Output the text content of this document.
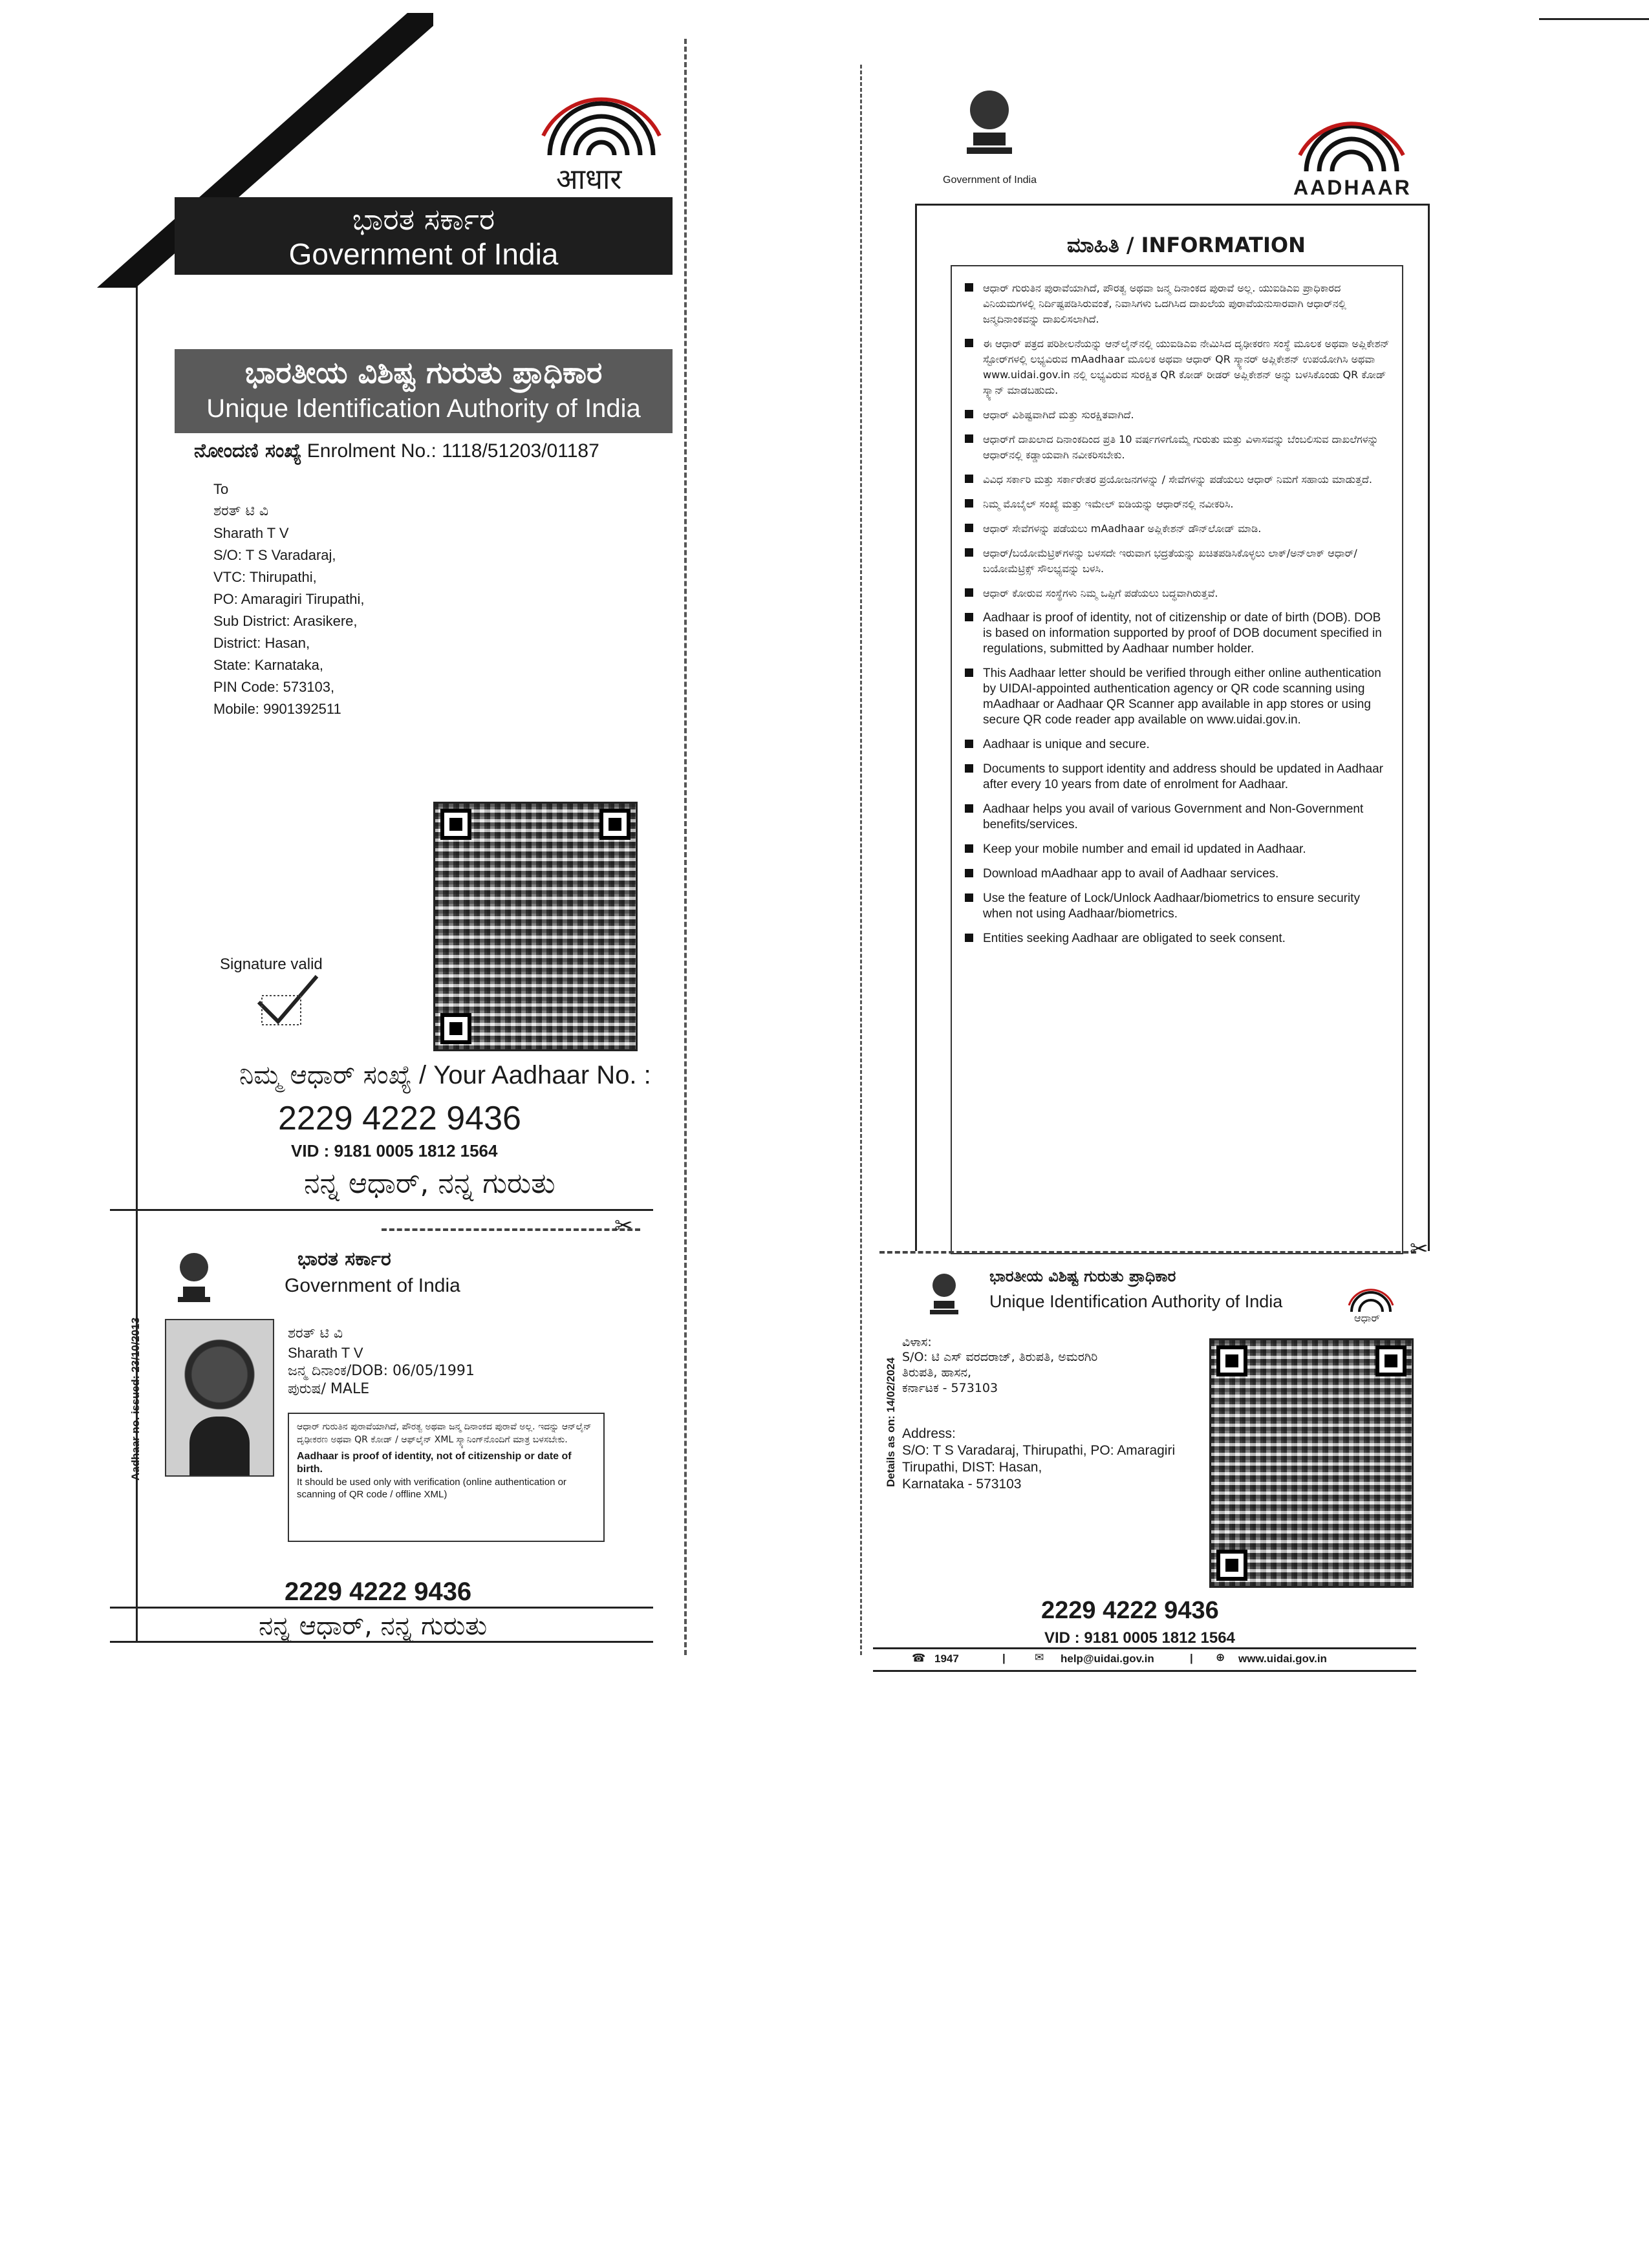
आधार
ಭಾರತ ಸರ್ಕಾರ
Government of India
ಭಾರತೀಯ ವಿಶಿಷ್ಟ ಗುರುತು ಪ್ರಾಧಿಕಾರ
Unique Identification Authority of India
ನೋಂದಣಿ ಸಂಖ್ಯೆ Enrolment No.: 1118/51203/01187
To
ಶರತ್ ಟಿ ವಿ
Sharath T V
S/O: T S Varadaraj,
VTC: Thirupathi,
PO: Amaragiri Tirupathi,
Sub District: Arasikere,
District: Hasan,
State: Karnataka,
PIN Code: 573103,
Mobile: 9901392511
Signature valid
ನಿಮ್ಮ ಆಧಾರ್ ಸಂಖ್ಯೆ / Your Aadhaar No. :
2229 4222 9436
VID : 9181 0005 1812 1564
ನನ್ನ ಆಧಾರ್, ನನ್ನ ಗುರುತು
✂
ಭಾರತ ಸರ್ಕಾರ
Government of India
Aadhaar no. issued: 23/10/2013	ಶರತ್ ಟಿ ವಿ
Sharath T V
ಜನ್ಮ ದಿನಾಂಕ/DOB: 06/05/1991
ಪುರುಷ/ MALE
ಆಧಾರ್ ಗುರುತಿನ ಪುರಾವೆಯಾಗಿದೆ, ಪೌರತ್ವ ಅಥವಾ ಜನ್ಮ ದಿನಾಂಕದ ಪುರಾವೆ ಅಲ್ಲ. ಇದನ್ನು ಆನ್‌ಲೈನ್ ದೃಢೀಕರಣ ಅಥವಾ QR ಕೋಡ್ / ಆಫ್‌ಲೈನ್ XML ಸ್ಕ್ಯಾನಿಂಗ್‌ನೊಂದಿಗೆ ಮಾತ್ರ ಬಳಸಬೇಕು.
Aadhaar is proof of identity, not of citizenship or date of birth.
It should be used only with verification (online authentication or scanning of QR code / offline XML)
2229 4222 9436
ನನ್ನ ಆಧಾರ್, ನನ್ನ ಗುರುತು
Government of India	AADHAAR
ಮಾಹಿತಿ / INFORMATION
ಆಧಾರ್ ಗುರುತಿನ ಪುರಾವೆಯಾಗಿದೆ, ಪೌರತ್ವ ಅಥವಾ ಜನ್ಮ ದಿನಾಂಕದ ಪುರಾವೆ ಅಲ್ಲ. ಯುಐಡಿಎಐ ಪ್ರಾಧಿಕಾರದ ವಿನಿಯಮಗಳಲ್ಲಿ ನಿರ್ದಿಷ್ಟಪಡಿಸಿರುವಂತೆ, ನಿವಾಸಿಗಳು ಒದಗಿಸಿದ ದಾಖಲೆಯ ಪುರಾವೆಯನುಸಾರವಾಗಿ ಆಧಾರ್‌ನಲ್ಲಿ ಜನ್ಮದಿನಾಂಕವನ್ನು ದಾಖಲಿಸಲಾಗಿದೆ.
ಈ ಆಧಾರ್ ಪತ್ರದ ಪರಿಶೀಲನೆಯನ್ನು ಆನ್‌ಲೈನ್‌ನಲ್ಲಿ ಯುಐಡಿಎಐ ನೇಮಿಸಿದ ದೃಢೀಕರಣ ಸಂಸ್ಥೆ ಮೂಲಕ ಅಥವಾ ಅಪ್ಲಿಕೇಶನ್ ಸ್ಟೋರ್‌ಗಳಲ್ಲಿ ಲಭ್ಯವಿರುವ mAadhaar ಮೂಲಕ ಅಥವಾ ಆಧಾರ್ QR ಸ್ಕ್ಯಾನರ್ ಅಪ್ಲಿಕೇಶನ್ ಉಪಯೋಗಿಸಿ ಅಥವಾ www.uidai.gov.in ನಲ್ಲಿ ಲಭ್ಯವಿರುವ ಸುರಕ್ಷಿತ QR ಕೋಡ್ ರೀಡರ್ ಅಪ್ಲಿಕೇಶನ್ ಅನ್ನು ಬಳಸಿಕೊಂಡು QR ಕೋಡ್ ಸ್ಕ್ಯಾನ್ ಮಾಡಬಹುದು.
ಆಧಾರ್ ವಿಶಿಷ್ಟವಾಗಿದೆ ಮತ್ತು ಸುರಕ್ಷಿತವಾಗಿದೆ.
ಆಧಾರ್‌ಗೆ ದಾಖಲಾದ ದಿನಾಂಕದಿಂದ ಪ್ರತಿ 10 ವರ್ಷಗಳಿಗೊಮ್ಮೆ ಗುರುತು ಮತ್ತು ವಿಳಾಸವನ್ನು ಬೆಂಬಲಿಸುವ ದಾಖಲೆಗಳನ್ನು ಆಧಾರ್‌ನಲ್ಲಿ ಕಡ್ಡಾಯವಾಗಿ ನವೀಕರಿಸಬೇಕು.
ವಿವಿಧ ಸರ್ಕಾರಿ ಮತ್ತು ಸರ್ಕಾರೇತರ ಪ್ರಯೋಜನಗಳನ್ನು / ಸೇವೆಗಳನ್ನು ಪಡೆಯಲು ಆಧಾರ್ ನಿಮಗೆ ಸಹಾಯ ಮಾಡುತ್ತದೆ.
ನಿಮ್ಮ ಮೊಬೈಲ್ ಸಂಖ್ಯೆ ಮತ್ತು ಇಮೇಲ್ ಐಡಿಯನ್ನು ಆಧಾರ್‌ನಲ್ಲಿ ನವೀಕರಿಸಿ.
ಆಧಾರ್ ಸೇವೆಗಳನ್ನು ಪಡೆಯಲು mAadhaar ಅಪ್ಲಿಕೇಶನ್ ಡೌನ್‌ಲೋಡ್ ಮಾಡಿ.
ಆಧಾರ್/ಬಯೋಮೆಟ್ರಿಕ್‌ಗಳನ್ನು ಬಳಸದೇ ಇರುವಾಗ ಭದ್ರತೆಯನ್ನು ಖಚಿತಪಡಿಸಿಕೊಳ್ಳಲು ಲಾಕ್/ಅನ್‌ಲಾಕ್ ಆಧಾರ್/ಬಯೋಮೆಟ್ರಿಕ್ಸ್ ಸೌಲಭ್ಯವನ್ನು ಬಳಸಿ.
ಆಧಾರ್ ಕೋರುವ ಸಂಸ್ಥೆಗಳು ನಿಮ್ಮ ಒಪ್ಪಿಗೆ ಪಡೆಯಲು ಬದ್ಧವಾಗಿರುತ್ತವೆ.
Aadhaar is proof of identity, not of citizenship or date of birth (DOB). DOB is based on information supported by proof of DOB document specified in regulations, submitted by Aadhaar number holder.
This Aadhaar letter should be verified through either online authentication by UIDAI-appointed authentication agency or QR code scanning using mAadhaar or Aadhaar QR Scanner app available in app stores or using secure QR code reader app available on www.uidai.gov.in.
Aadhaar is unique and secure.
Documents to support identity and address should be updated in Aadhaar after every 10 years from date of enrolment for Aadhaar.
Aadhaar helps you avail of various Government and Non-Government benefits/services.
Keep your mobile number and email id updated in Aadhaar.
Download mAadhaar app to avail of Aadhaar services.
Use the feature of Lock/Unlock Aadhaar/biometrics to ensure security when not using Aadhaar/biometrics.
Entities seeking Aadhaar are obligated to seek consent.
✂
ಭಾರತೀಯ ವಿಶಿಷ್ಟ ಗುರುತು ಪ್ರಾಧಿಕಾರ
Unique Identification Authority of India
ಆಧಾರ್
Details as on: 14/02/2024
ವಿಳಾಸ:
S/O: ಟಿ ಎಸ್ ವರದರಾಜ್, ತಿರುಪತಿ, ಅಮರಗಿರಿ
ತಿರುಪತಿ, ಹಾಸನ,
ಕರ್ನಾಟಕ - 573103
Address:
S/O: T S Varadaraj, Thirupathi, PO: Amaragiri
Tirupathi, DIST: Hasan,
Karnataka - 573103
2229 4222 9436
VID : 9181 0005 1812 1564
☎ 1947	|	✉ help@uidai.gov.in	| ⊕ www.uidai.gov.in
